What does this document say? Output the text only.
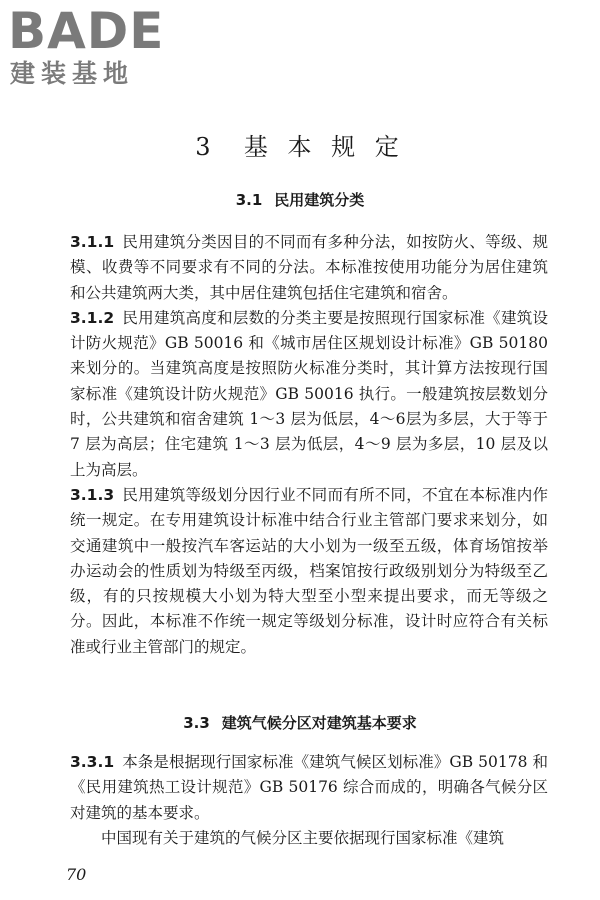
BADE
建装基地
3 基 本 规 定
3.1 民用建筑分类

3.1.1 民用建筑分类因目的不同而有多种分法，如按防火、等级、规模、收费等不同要求有不同的分法。本标准按使用功能分为居住建筑和公共建筑两大类，其中居住建筑包括住宅建筑和宿舍。

3.1.2 民用建筑高度和层数的分类主要是按照现行国家标准《建筑设计防火规范》GB 50016 和《城市居住区规划设计标准》GB 50180 来划分的。当建筑高度是按照防火标准分类时，其计算方法按现行国家标准《建筑设计防火规范》GB 50016 执行。一般建筑按层数划分时，公共建筑和宿舍建筑 1～3 层为低层，4～6层为多层，大于等于 7 层为高层；住宅建筑 1～3 层为低层，4～9 层为多层，10 层及以上为高层。

3.1.3 民用建筑等级划分因行业不同而有所不同，不宜在本标准内作统一规定。在专用建筑设计标准中结合行业主管部门要求来划分，如交通建筑中一般按汽车客运站的大小划为一级至五级，体育场馆按举办运动会的性质划为特级至丙级，档案馆按行政级别划分为特级至乙级，有的只按规模大小划为特大型至小型来提出要求，而无等级之分。因此，本标准不作统一规定等级划分标准，设计时应符合有关标准或行业主管部门的规定。

3.3 建筑气候分区对建筑基本要求

3.3.1 本条是根据现行国家标准《建筑气候区划标准》GB 50178 和《民用建筑热工设计规范》GB 50176 综合而成的，明确各气候分区对建筑的基本要求。

中国现有关于建筑的气候分区主要依据现行国家标准《建筑

70
